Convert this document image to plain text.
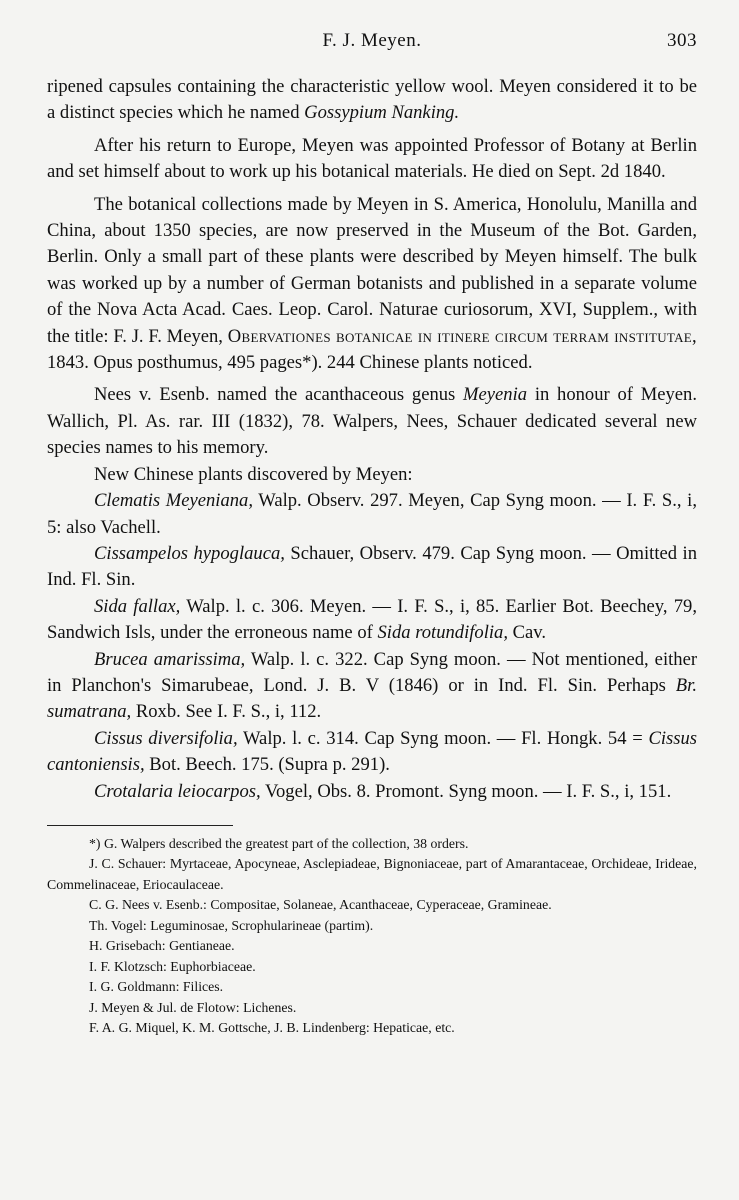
F. J. Meyen.	303

ripened capsules containing the characteristic yellow wool. Meyen considered it to be a distinct species which he named Gossypium Nanking.

After his return to Europe, Meyen was appointed Professor of Botany at Berlin and set himself about to work up his botanical materials. He died on Sept. 2d 1840.

The botanical collections made by Meyen in S. America, Honolulu, Manilla and China, about 1350 species, are now preserved in the Museum of the Bot. Garden, Berlin. Only a small part of these plants were described by Meyen himself. The bulk was worked up by a number of German botanists and published in a separate volume of the Nova Acta Acad. Caes. Leop. Carol. Naturae curiosorum, XVI, Supplem., with the title: F. J. F. Meyen, Obervationes botanicae in itinere circum terram institutae, 1843. Opus posthumus, 495 pages*). 244 Chinese plants noticed.

Nees v. Esenb. named the acanthaceous genus Meyenia in honour of Meyen. Wallich, Pl. As. rar. III (1832), 78. Walpers, Nees, Schauer dedicated several new species names to his memory.

New Chinese plants discovered by Meyen:

Clematis Meyeniana, Walp. Observ. 297. Meyen, Cap Syng moon. — I. F. S., i, 5: also Vachell.

Cissampelos hypoglauca, Schauer, Observ. 479. Cap Syng moon. — Omitted in Ind. Fl. Sin.

Sida fallax, Walp. l. c. 306. Meyen. — I. F. S., i, 85. Earlier Bot. Beechey, 79, Sandwich Isls, under the erroneous name of Sida rotundifolia, Cav.

Brucea amarissima, Walp. l. c. 322. Cap Syng moon. — Not mentioned, either in Planchon's Simarubeae, Lond. J. B. V (1846) or in Ind. Fl. Sin. Perhaps Br. sumatrana, Roxb. See I. F. S., i, 112.

Cissus diversifolia, Walp. l. c. 314. Cap Syng moon. — Fl. Hongk. 54 = Cissus cantoniensis, Bot. Beech. 175. (Supra p. 291).

Crotalaria leiocarpos, Vogel, Obs. 8. Promont. Syng moon. — I. F. S., i, 151.

*) G. Walpers described the greatest part of the collection, 38 orders.

J. C. Schauer: Myrtaceae, Apocyneae, Asclepiadeae, Bignoniaceae, part of Amarantaceae, Orchideae, Irideae, Commelinaceae, Eriocaulaceae.

C. G. Nees v. Esenb.: Compositae, Solaneae, Acanthaceae, Cyperaceae, Gramineae.

Th. Vogel: Leguminosae, Scrophularineae (partim).

H. Grisebach: Gentianeae.

I. F. Klotzsch: Euphorbiaceae.

I. G. Goldmann: Filices.

J. Meyen & Jul. de Flotow: Lichenes.

F. A. G. Miquel, K. M. Gottsche, J. B. Lindenberg: Hepaticae, etc.
